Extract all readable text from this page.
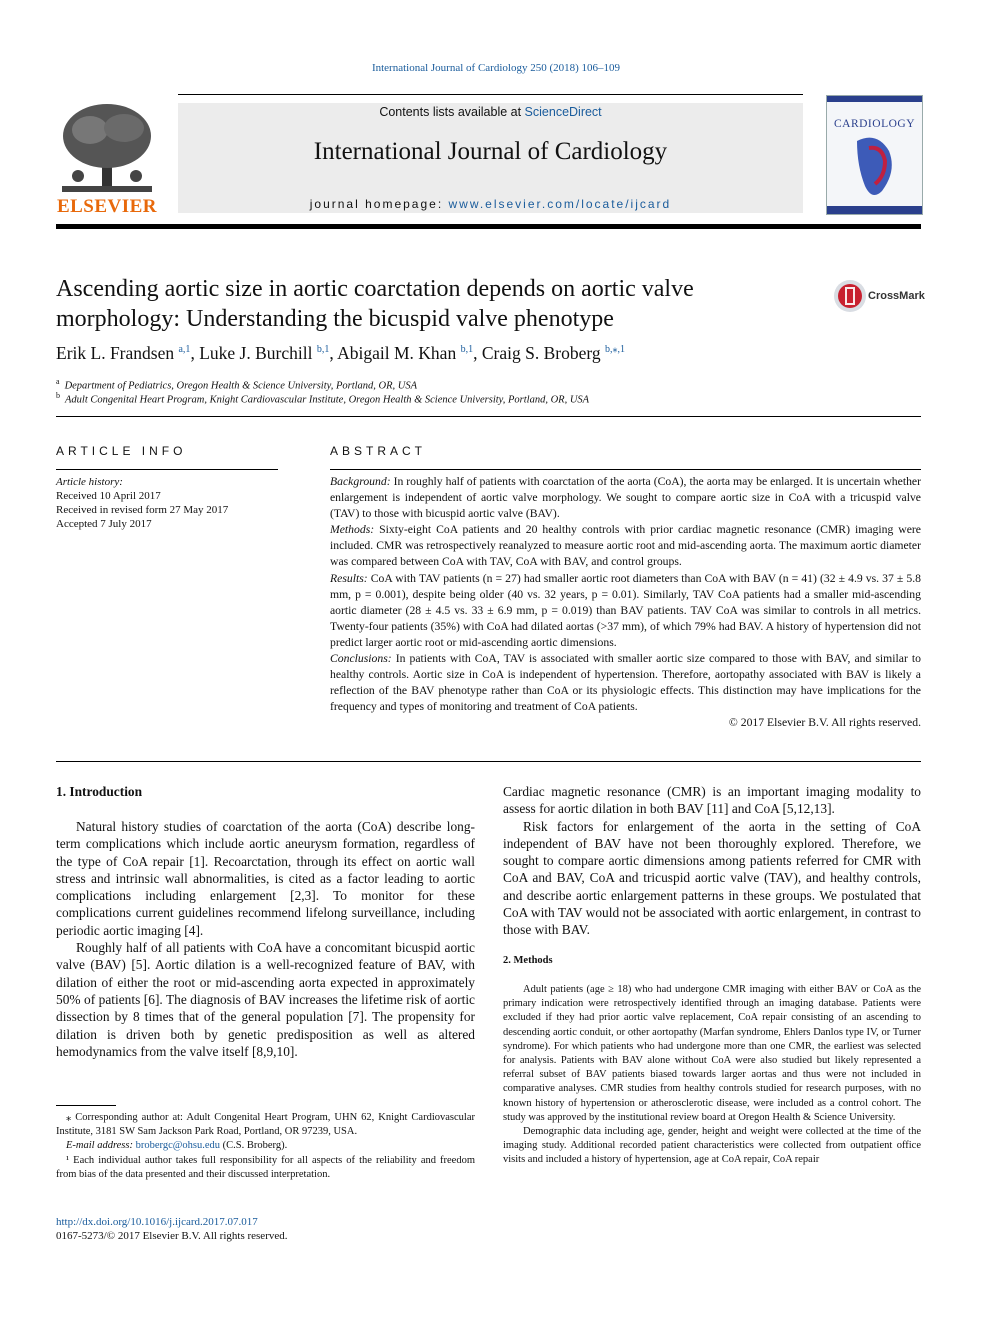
International Journal of Cardiology 250 (2018) 106–109
ELSEVIER
Contents lists available at ScienceDirect
International Journal of Cardiology
journal homepage: www.elsevier.com/locate/ijcard
CARDIOLOGY
Ascending aortic size in aortic coarctation depends on aortic valve
morphology: Understanding the bicuspid valve phenotype
CrossMark
Erik L. Frandsen $^{a,1}$, Luke J. Burchill $^{b,1}$, Abigail M. Khan $^{b,1}$, Craig S. Broberg $^{b,⁎,1}$
$^a$ Department of Pediatrics, Oregon Health & Science University, Portland, OR, USA
$^b$ Adult Congenital Heart Program, Knight Cardiovascular Institute, Oregon Health & Science University, Portland, OR, USA
ARTICLE INFO
Article history:
Received 10 April 2017
Received in revised form 27 May 2017
Accepted 7 July 2017
ABSTRACT

Background: In roughly half of patients with coarctation of the aorta (CoA), the aorta may be enlarged. It is uncertain whether enlargement is independent of aortic valve morphology. We sought to compare aortic size in CoA with a tricuspid valve (TAV) to those with bicuspid aortic valve (BAV).

Methods: Sixty-eight CoA patients and 20 healthy controls with prior cardiac magnetic resonance (CMR) imaging were included. CMR was retrospectively reanalyzed to measure aortic root and mid-ascending aorta. The maximum aortic diameter was compared between CoA with TAV, CoA with BAV, and control groups.

Results: CoA with TAV patients (n = 27) had smaller aortic root diameters than CoA with BAV (n = 41) (32 ± 4.9 vs. 37 ± 5.8 mm, p = 0.001), despite being older (40 vs. 32 years, p = 0.01). Similarly, TAV CoA patients had a smaller mid-ascending aortic diameter (28 ± 4.5 vs. 33 ± 6.9 mm, p = 0.019) than BAV patients. TAV CoA was similar to controls in all metrics. Twenty-four patients (35%) with CoA had dilated aortas (>37 mm), of which 79% had BAV. A history of hypertension did not predict larger aortic root or mid-ascending aortic dimensions.

Conclusions: In patients with CoA, TAV is associated with smaller aortic size compared to those with BAV, and similar to healthy controls. Aortic size in CoA is independent of hypertension. Therefore, aortopathy associated with BAV is likely a reflection of the BAV phenotype rather than CoA or its physiologic effects. This distinction may have implications for the frequency and types of monitoring and treatment of CoA patients.

© 2017 Elsevier B.V. All rights reserved.

1. Introduction

Natural history studies of coarctation of the aorta (CoA) describe long-term complications which include aortic aneurysm formation, regardless of the type of CoA repair [1]. Recoarctation, through its effect on aortic wall stress and intrinsic wall abnormalities, is cited as a factor leading to aortic complications including enlargement [2,3]. To monitor for these complications current guidelines recommend lifelong surveillance, including periodic aortic imaging [4].

Roughly half of all patients with CoA have a concomitant bicuspid aortic valve (BAV) [5]. Aortic dilation is a well-recognized feature of BAV, with dilation of either the root or mid-ascending aorta expected in approximately 50% of patients [6]. The diagnosis of BAV increases the lifetime risk of aortic dissection by 8 times that of the general population [7]. The propensity for dilation is driven both by genetic predisposition as well as altered hemodynamics from the valve itself [8,9,10].

⁎ Corresponding author at: Adult Congenital Heart Program, UHN 62, Knight Cardiovascular Institute, 3181 SW Sam Jackson Park Road, Portland, OR 97239, USA.

E-mail address: brobergc@ohsu.edu (C.S. Broberg).

¹ Each individual author takes full responsibility for all aspects of the reliability and freedom from bias of the data presented and their discussed interpretation.

http://dx.doi.org/10.1016/j.ijcard.2017.07.017
0167-5273/© 2017 Elsevier B.V. All rights reserved.

Cardiac magnetic resonance (CMR) is an important imaging modality to assess for aortic dilation in both BAV [11] and CoA [5,12,13].

Risk factors for enlargement of the aorta in the setting of CoA independent of BAV have not been thoroughly explored. Therefore, we sought to compare aortic dimensions among patients referred for CMR with CoA and BAV, CoA and tricuspid aortic valve (TAV), and healthy controls, and describe aortic enlargement patterns in these groups. We postulated that CoA with TAV would not be associated with aortic enlargement, in contrast to those with BAV.

2. Methods

Adult patients (age ≥ 18) who had undergone CMR imaging with either BAV or CoA as the primary indication were retrospectively identified through an imaging database. Patients were excluded if they had prior aortic valve replacement, CoA repair consisting of an ascending to descending aortic conduit, or other aortopathy (Marfan syndrome, Ehlers Danlos type IV, or Turner syndrome). For which patients who had undergone more than one CMR, the earliest was selected for analysis. Patients with BAV alone without CoA were also studied but likely represented a referral subset of BAV patients biased towards larger aortas and thus were not included in comparative analyses. CMR studies from healthy controls studied for research purposes, with no known history of hypertension or atherosclerotic disease, were included as a control cohort. The study was approved by the institutional review board at Oregon Health & Science University.

Demographic data including age, gender, height and weight were collected at the time of the imaging study. Additional recorded patient characteristics were collected from outpatient office visits and included a history of hypertension, age at CoA repair, CoA repair
